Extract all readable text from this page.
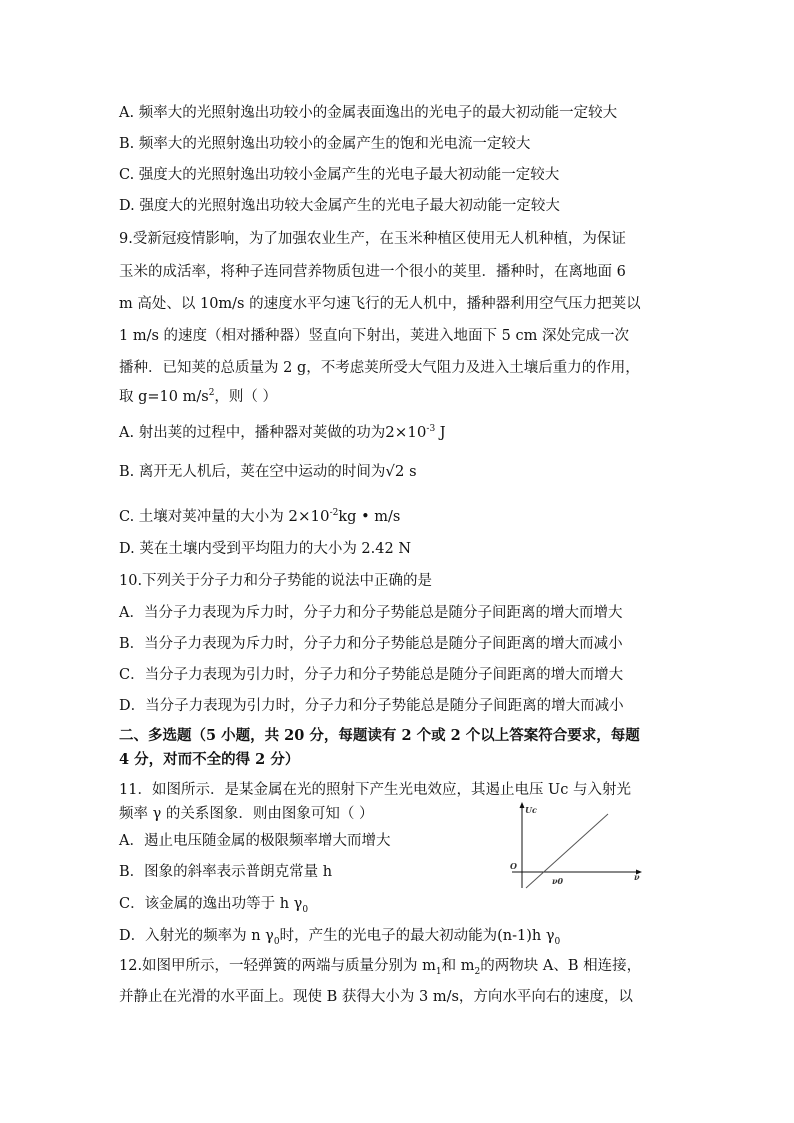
A. 频率大的光照射逸出功较小的金属表面逸出的光电子的最大初动能一定较大
B. 频率大的光照射逸出功较小的金属产生的饱和光电流一定较大
C. 强度大的光照射逸出功较小金属产生的光电子最大初动能一定较大
D. 强度大的光照射逸出功较大金属产生的光电子最大初动能一定较大
9.受新冠疫情影响，为了加强农业生产，在玉米种植区使用无人机种植，为保证
玉米的成活率，将种子连同营养物质包进一个很小的荚里．播种时，在离地面 6
m 高处、以 10m/s 的速度水平匀速飞行的无人机中，播种器利用空气压力把荚以
1 m/s 的速度（相对播种器）竖直向下射出，荚进入地面下 5 cm 深处完成一次
播种．已知荚的总质量为 2 g，不考虑荚所受大气阻力及进入土壤后重力的作用，
取 g=10 $m/s^2$，则（ ）
A. 射出荚的过程中，播种器对荚做的功为$2\times 10^{-3}$ J
B. 离开无人机后，荚在空中运动的时间为√2 s
C. 土壤对荚冲量的大小为 $2\times 10^{-2}kg$ • m/s
D. 荚在土壤内受到平均阻力的大小为 2.42 N
10.下列关于分子力和分子势能的说法中正确的是
A．当分子力表现为斥力时，分子力和分子势能总是随分子间距离的增大而增大
B．当分子力表现为斥力时，分子力和分子势能总是随分子间距离的增大而减小
C．当分子力表现为引力时，分子力和分子势能总是随分子间距离的增大而增大
D．当分子力表现为引力时，分子力和分子势能总是随分子间距离的增大而减小
二、多选题（5 小题，共 20 分，每题读有 2 个或 2 个以上答案符合要求，每题
4 分，对而不全的得 2 分）
11．如图所示．是某金属在光的照射下产生光电效应，其遏止电压 Uc 与入射光
频率 γ 的关系图象．则由图象可知（ ）
A．遏止电压随金属的极限频率增大而增大
B．图象的斜率表示普朗克常量 h
C．该金属的逸出功等于 h $\gamma_0$
D．入射光的频率为 n $\gamma_0$时，产生的光电子的最大初动能为(n-1)h $\gamma_0$
Uc
O
ν0	ν
12.如图甲所示，一轻弹簧的两端与质量分别为 $m_1$和 $m_2$的两物块 A、B 相连接，
并静止在光滑的水平面上。现使 B 获得大小为 3 m/s，方向水平向右的速度，以
